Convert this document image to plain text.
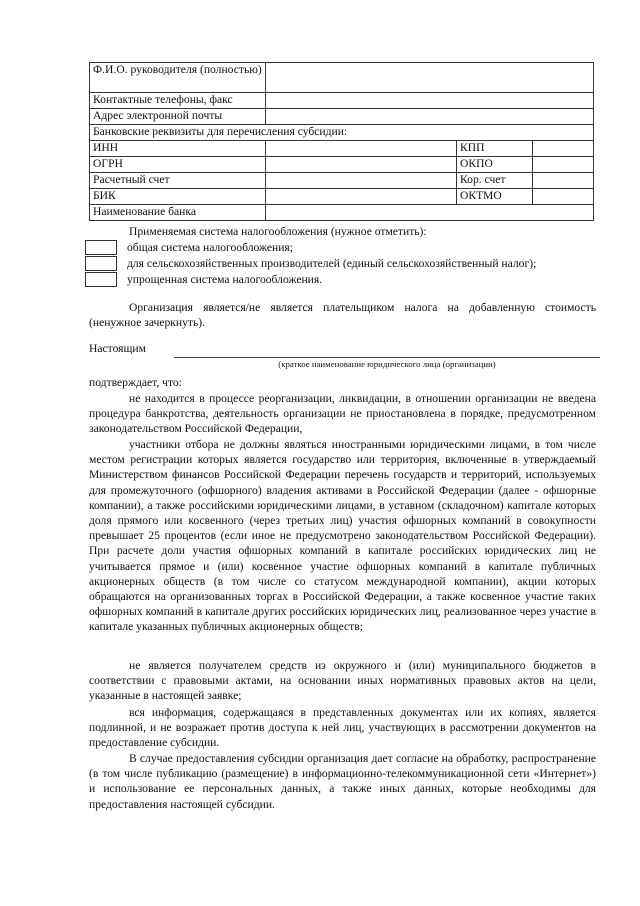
Ф.И.О. руководителя (полностью)			
Контактные телефоны, факс			
Адрес электронной почты			
Банковские реквизиты для перечисления субсидии:			
ИНН		КПП	
ОГРН		ОКПО	
Расчетный счет		Кор. счет	
БИК		ОКТМО	
Наименование банка			
Применяемая система налогообложения (нужное отметить):
общая система налогообложения;
для сельскохозяйственных производителей (единый сельскохозяйственный налог);
упрощенная система налогообложения.

Организация является/не является плательщиком налога на добавленную стоимость (ненужное зачеркнуть).

Настоящим
(краткое наименование юридического лица (организации)

подтверждает, что:

не находится в процессе реорганизации, ликвидации, в отношении организации не введена процедура банкротства, деятельность организации не приостановлена в порядке, предусмотренном законодательством Российской Федерации,

участники отбора не должны являться иностранными юридическими лицами, в том числе местом регистрации которых является государство или территория, включенные в утверждаемый Министерством финансов Российской Федерации перечень государств и территорий, используемых для промежуточного (офшорного) владения активами в Российской Федерации (далее - офшорные компании), а также российскими юридическими лицами, в уставном (складочном) капитале которых доля прямого или косвенного (через третьих лиц) участия офшорных компаний в совокупности превышает 25 процентов (если иное не предусмотрено законодательством Российской Федерации). При расчете доли участия офшорных компаний в капитале российских юридических лиц не учитывается прямое и (или) косвенное участие офшорных компаний в капитале публичных акционерных обществ (в том числе со статусом международной компании), акции которых обращаются на организованных торгах в Российской Федерации, а также косвенное участие таких офшорных компаний в капитале других российских юридических лиц, реализованное через участие в капитале указанных публичных акционерных обществ;

не является получателем средств из окружного и (или) муниципального бюджетов в соответствии с правовыми актами, на основании иных нормативных правовых актов на цели, указанные в настоящей заявке;

вся информация, содержащаяся в представленных документах или их копиях, является подлинной, и не возражает против доступа к ней лиц, участвующих в рассмотрении документов на предоставление субсидии.

В случае предоставления субсидии организация дает согласие на обработку, распространение (в том числе публикацию (размещение) в информационно-телекоммуникационной сети «Интернет») и использование ее персональных данных, а также иных данных, которые необходимы для предоставления настоящей субсидии.
